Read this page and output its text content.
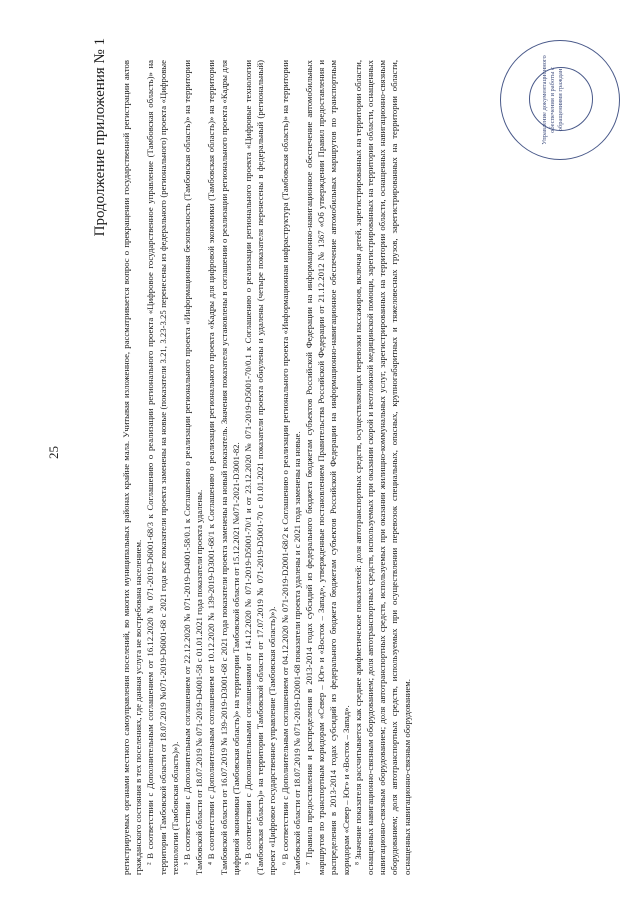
25
Продолжение приложения № 1 регистрируемых органами местного самоуправления поселений, во многих муниципальных районах крайне мала. Учитывая изложенное, рассматривается вопрос о прекращении государственной регистрации актов гражданского состояния в тех поселениях, где данная услуга не востребована населением. ² В соответствии с Дополнительным соглашением от 16.12.2020 № 071-2019-D6001-68/3 к Соглашению о реализации регионального проекта «Цифровое государственное управление (Тамбовская область)» на территории Тамбовской области от 18.07.2019 №071-2019-D6001-68 с 2021 года все показатели проекта заменены на новые (показатели 3.21, 3.23-3.25 перенесены из федерального (регионального) проекта «Цифровые технологии (Тамбовская область)»). ³ В соответствии с Дополнительным соглашением от 22.12.2020 № 071-2019-D4001-58/0.1 к Соглашению о реализации регионального проекта «Информационная безопасность (Тамбовская область)» на территории Тамбовской области от 18.07.2019 № 071-2019-D4001-58 с 01.01.2021 года показатели проекта удалены. ⁴ В соответствии с Дополнительным соглашением от 10.12.2020 № 139-2019-D3001-68/1 к Соглашению о реализации регионального проекта «Кадры для цифровой экономики (Тамбовская область)» на территории Тамбовской области от 16.07.2019 № 139-2019-D3001-68 с 2021 года показатели проекта заменены на новый показатель. Значения показателя установлены в соглашении о реализации регионального проекта «Кадры для цифровой экономики (Тамбовская область)» на территории Тамбовской области от 15.12.2021 №071-2021-D3001-82. ⁵ В соответствии с Дополнительными соглашениями от 14.12.2020 № 071-2019-D5001-70/1 и от 23.12.2020 № 071-2019-D5001-70/0.1 к Соглашению о реализации регионального проекта «Цифровые технологии (Тамбовская область)» на территории Тамбовской области от 17.07.2019 № 071-2019-D5001-70 с 01.01.2021 показатели проекта обнулены и удалены (четыре показателя перенесены в федеральный (региональный) проект «Цифровое государственное управление (Тамбовская область)»). ⁶ В соответствии с Дополнительным соглашением от 04.12.2020 № 071-2019-D2001-68/2 к Соглашению о реализации регионального проекта «Информационная инфраструктура (Тамбовская область)» на территории Тамбовской области от 18.07.2019 № 071-2019-D2001-68 показатели проекта удалены и с 2021 года заменены на новые. ⁷ Правила предоставления и распределения в 2013-2014 годах субсидий из федерального бюджета бюджетам субъектов Российской Федерации на информационно-навигационное обеспечение автомобильных маршрутов по транспортным коридорам «Север – Юг» и «Восток – Запад», утвержденные постановлением Правительства Российской Федерации от 21.12.2012 № 1367 «Об утверждении Правил предоставления и распределения в 2013-2014 годах субсидий из федерального бюджета бюджетам субъектов Российской Федерации на информационно-навигационное обеспечение автомобильных маршрутов по транспортным коридорам «Север – Юг» и «Восток – Запад». ⁸ Значение показателя рассчитывается как среднее арифметическое показателей: доля автотранспортных средств, осуществляющих перевозки пассажиров, включая детей, зарегистрированных на территории области, оснащенных навигационно-связным оборудованием; доля автотранспортных средств, используемых при оказании скорой и неотложной медицинской помощи, зарегистрированных на территории области, оснащенных навигационно-связным оборудованием; доля автотранспортных средств, используемых при оказании жилищно-коммунальных услуг, зарегистрированных на территории области, оснащенных навигационно-связным оборудованием; доля автотранспортных средств, используемых при осуществлении перевозок специальных, опасных, крупногабаритных и тяжеловесных грузов, зарегистрированных на территории области, оснащенных навигационно-связным оборудованием.

Управление документационного обеспечения и работы с обращениями граждан
